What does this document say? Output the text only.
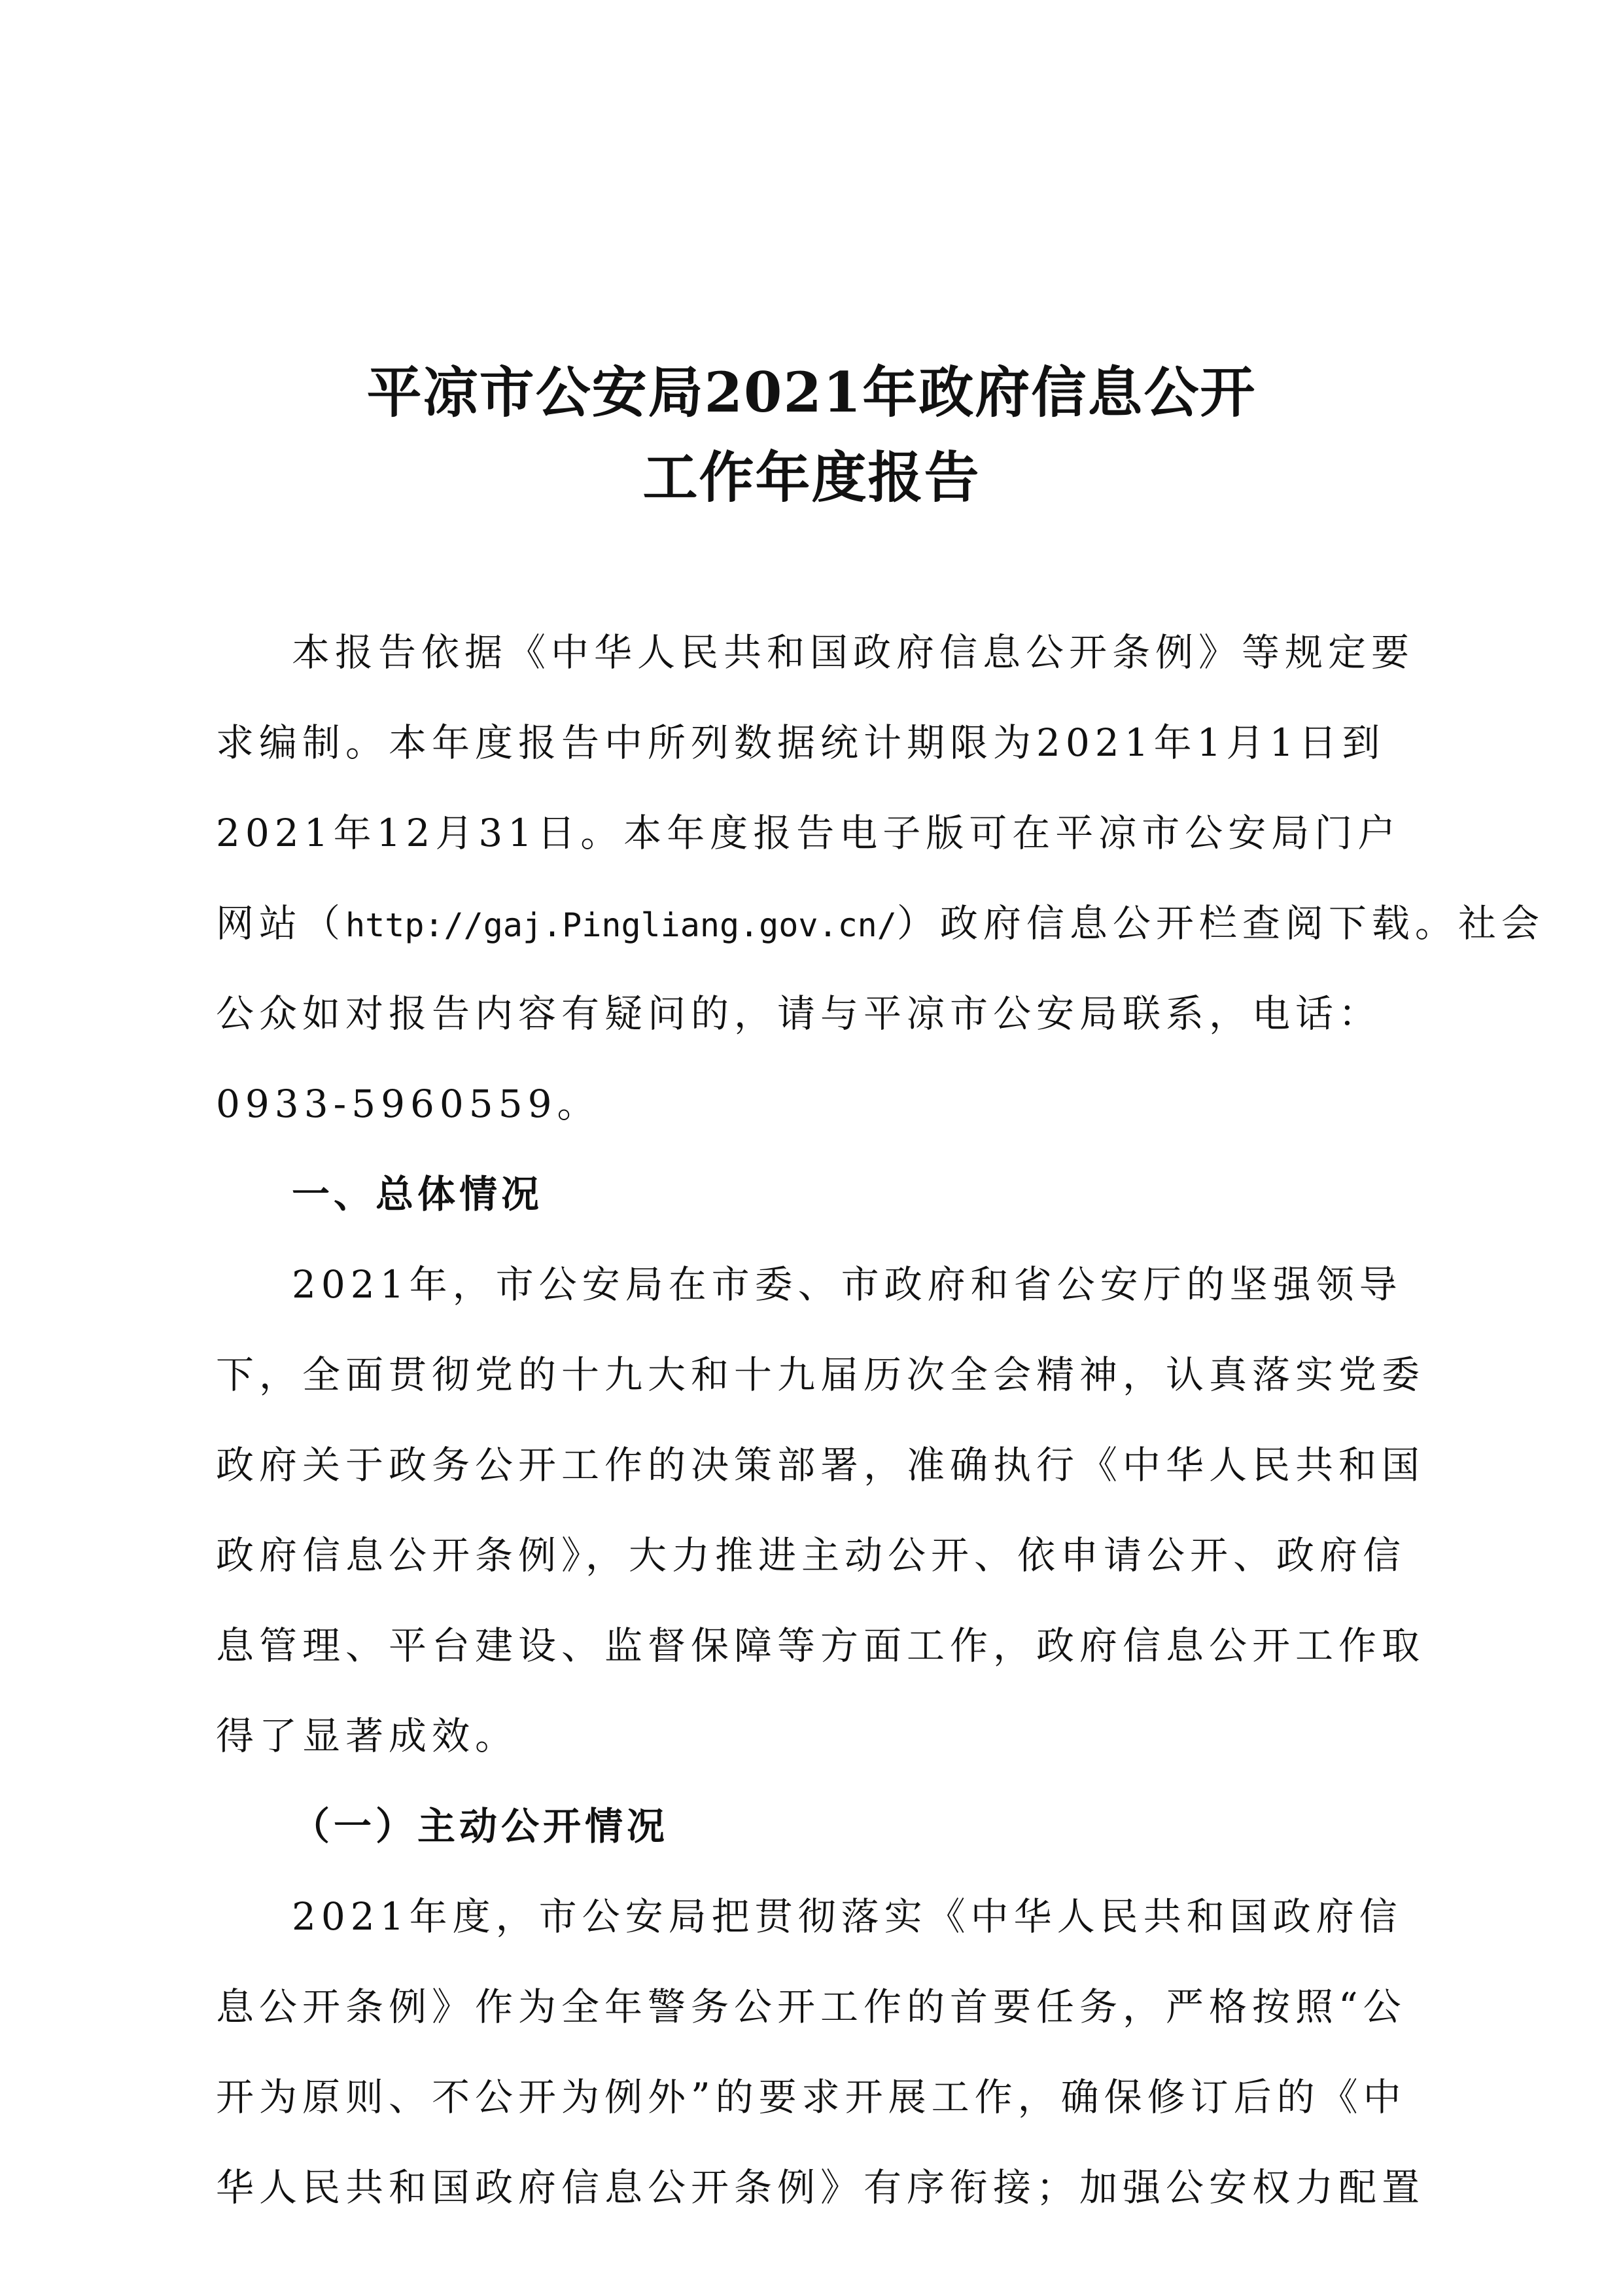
平凉市公安局2021年政府信息公开
工作年度报告
本报告依据《中华人民共和国政府信息公开条例》等规定要
求编制。本年度报告中所列数据统计期限为2021年1月1日到
2021年12月31日。本年度报告电子版可在平凉市公安局门户
网站（http://gaj.Pingliang.gov.cn/）政府信息公开栏查阅下载。社会
公众如对报告内容有疑问的，请与平凉市公安局联系，电话：
0933-5960559。
一、总体情况
2021年，市公安局在市委、市政府和省公安厅的坚强领导
下，全面贯彻党的十九大和十九届历次全会精神，认真落实党委
政府关于政务公开工作的决策部署，准确执行《中华人民共和国
政府信息公开条例》，大力推进主动公开、依申请公开、政府信
息管理、平台建设、监督保障等方面工作，政府信息公开工作取
得了显著成效。
（一）主动公开情况
2021年度，市公安局把贯彻落实《中华人民共和国政府信
息公开条例》作为全年警务公开工作的首要任务，严格按照“公
开为原则、不公开为例外”的要求开展工作，确保修订后的《中
华人民共和国政府信息公开条例》有序衔接；加强公安权力配置
